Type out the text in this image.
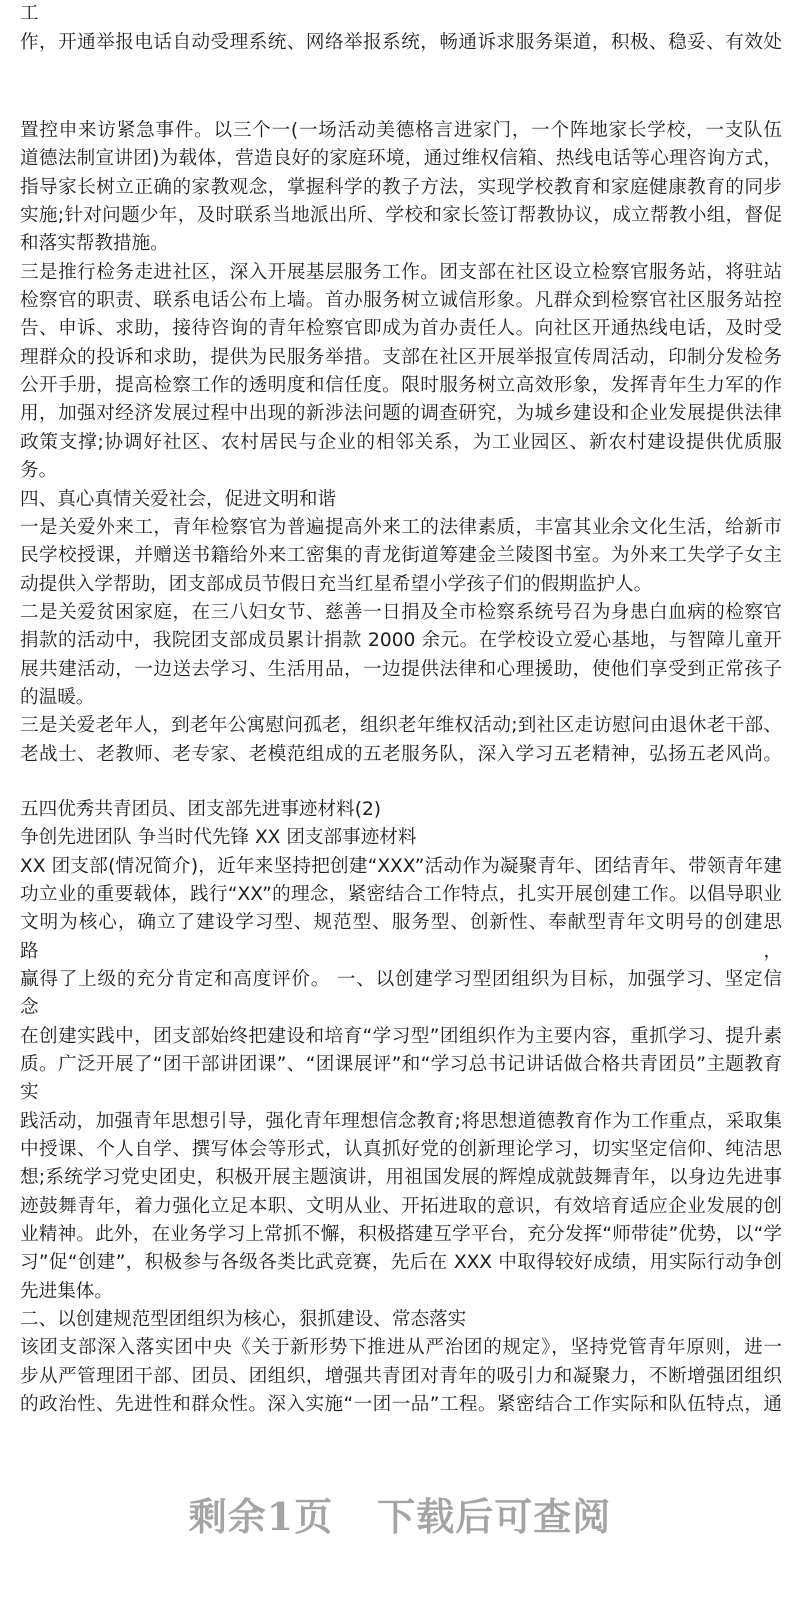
工
作，开通举报电话自动受理系统、网络举报系统，畅通诉求服务渠道，积极、稳妥、有效处
置控申来访紧急事件。以三个一(一场活动美德格言进家门，一个阵地家长学校，一支队伍
道德法制宣讲团)为载体，营造良好的家庭环境，通过维权信箱、热线电话等心理咨询方式，
指导家长树立正确的家教观念，掌握科学的教子方法，实现学校教育和家庭健康教育的同步
实施;针对问题少年，及时联系当地派出所、学校和家长签订帮教协议，成立帮教小组，督促
和落实帮教措施。
三是推行检务走进社区，深入开展基层服务工作。团支部在社区设立检察官服务站，将驻站
检察官的职责、联系电话公布上墙。首办服务树立诚信形象。凡群众到检察官社区服务站控
告、申诉、求助，接待咨询的青年检察官即成为首办责任人。向社区开通热线电话，及时受
理群众的投诉和求助，提供为民服务举措。支部在社区开展举报宣传周活动，印制分发检务
公开手册，提高检察工作的透明度和信任度。限时服务树立高效形象，发挥青年生力军的作
用，加强对经济发展过程中出现的新涉法问题的调查研究，为城乡建设和企业发展提供法律
政策支撑;协调好社区、农村居民与企业的相邻关系，为工业园区、新农村建设提供优质服
务。
四、真心真情关爱社会，促进文明和谐
一是关爱外来工，青年检察官为普遍提高外来工的法律素质，丰富其业余文化生活，给新市
民学校授课，并赠送书籍给外来工密集的青龙街道筹建金兰陵图书室。为外来工失学子女主
动提供入学帮助，团支部成员节假日充当红星希望小学孩子们的假期监护人。
二是关爱贫困家庭，在三八妇女节、慈善一日捐及全市检察系统号召为身患白血病的检察官
捐款的活动中，我院团支部成员累计捐款 2000 余元。在学校设立爱心基地，与智障儿童开
展共建活动，一边送去学习、生活用品，一边提供法律和心理援助，使他们享受到正常孩子
的温暖。
三是关爱老年人，到老年公寓慰问孤老，组织老年维权活动;到社区走访慰问由退休老干部、
老战士、老教师、老专家、老模范组成的五老服务队，深入学习五老精神，弘扬五老风尚。
五四优秀共青团员、团支部先进事迹材料(2)
争创先进团队 争当时代先锋 XX 团支部事迹材料
XX 团支部(情况简介)，近年来坚持把创建“XXX”活动作为凝聚青年、团结青年、带领青年建
功立业的重要载体，践行“XX”的理念，紧密结合工作特点，扎实开展创建工作。以倡导职业
文明为核心，确立了建设学习型、规范型、服务型、创新性、奉献型青年文明号的创建思路，
赢得了上级的充分肯定和高度评价。 一、以创建学习型团组织为目标，加强学习、坚定信
念
在创建实践中，团支部始终把建设和培育“学习型”团组织作为主要内容，重抓学习、提升素
质。广泛开展了“团干部讲团课”、“团课展评”和“学习总书记讲话做合格共青团员”主题教育实
践活动，加强青年思想引导，强化青年理想信念教育;将思想道德教育作为工作重点，采取集
中授课、个人自学、撰写体会等形式，认真抓好党的创新理论学习，切实坚定信仰、纯洁思
想;系统学习党史团史，积极开展主题演讲，用祖国发展的辉煌成就鼓舞青年，以身边先进事
迹鼓舞青年，着力强化立足本职、文明从业、开拓进取的意识，有效培育适应企业发展的创
业精神。此外，在业务学习上常抓不懈，积极搭建互学平台，充分发挥“师带徒”优势，以“学
习”促“创建”，积极参与各级各类比武竞赛，先后在 XXX 中取得较好成绩，用实际行动争创
先进集体。
二、以创建规范型团组织为核心，狠抓建设、常态落实
该团支部深入落实团中央《关于新形势下推进从严治团的规定》，坚持党管青年原则，进一
步从严管理团干部、团员、团组织，增强共青团对青年的吸引力和凝聚力，不断增强团组织
的政治性、先进性和群众性。深入实施“一团一品”工程。紧密结合工作实际和队伍特点，通
剩余1页 下载后可查阅
